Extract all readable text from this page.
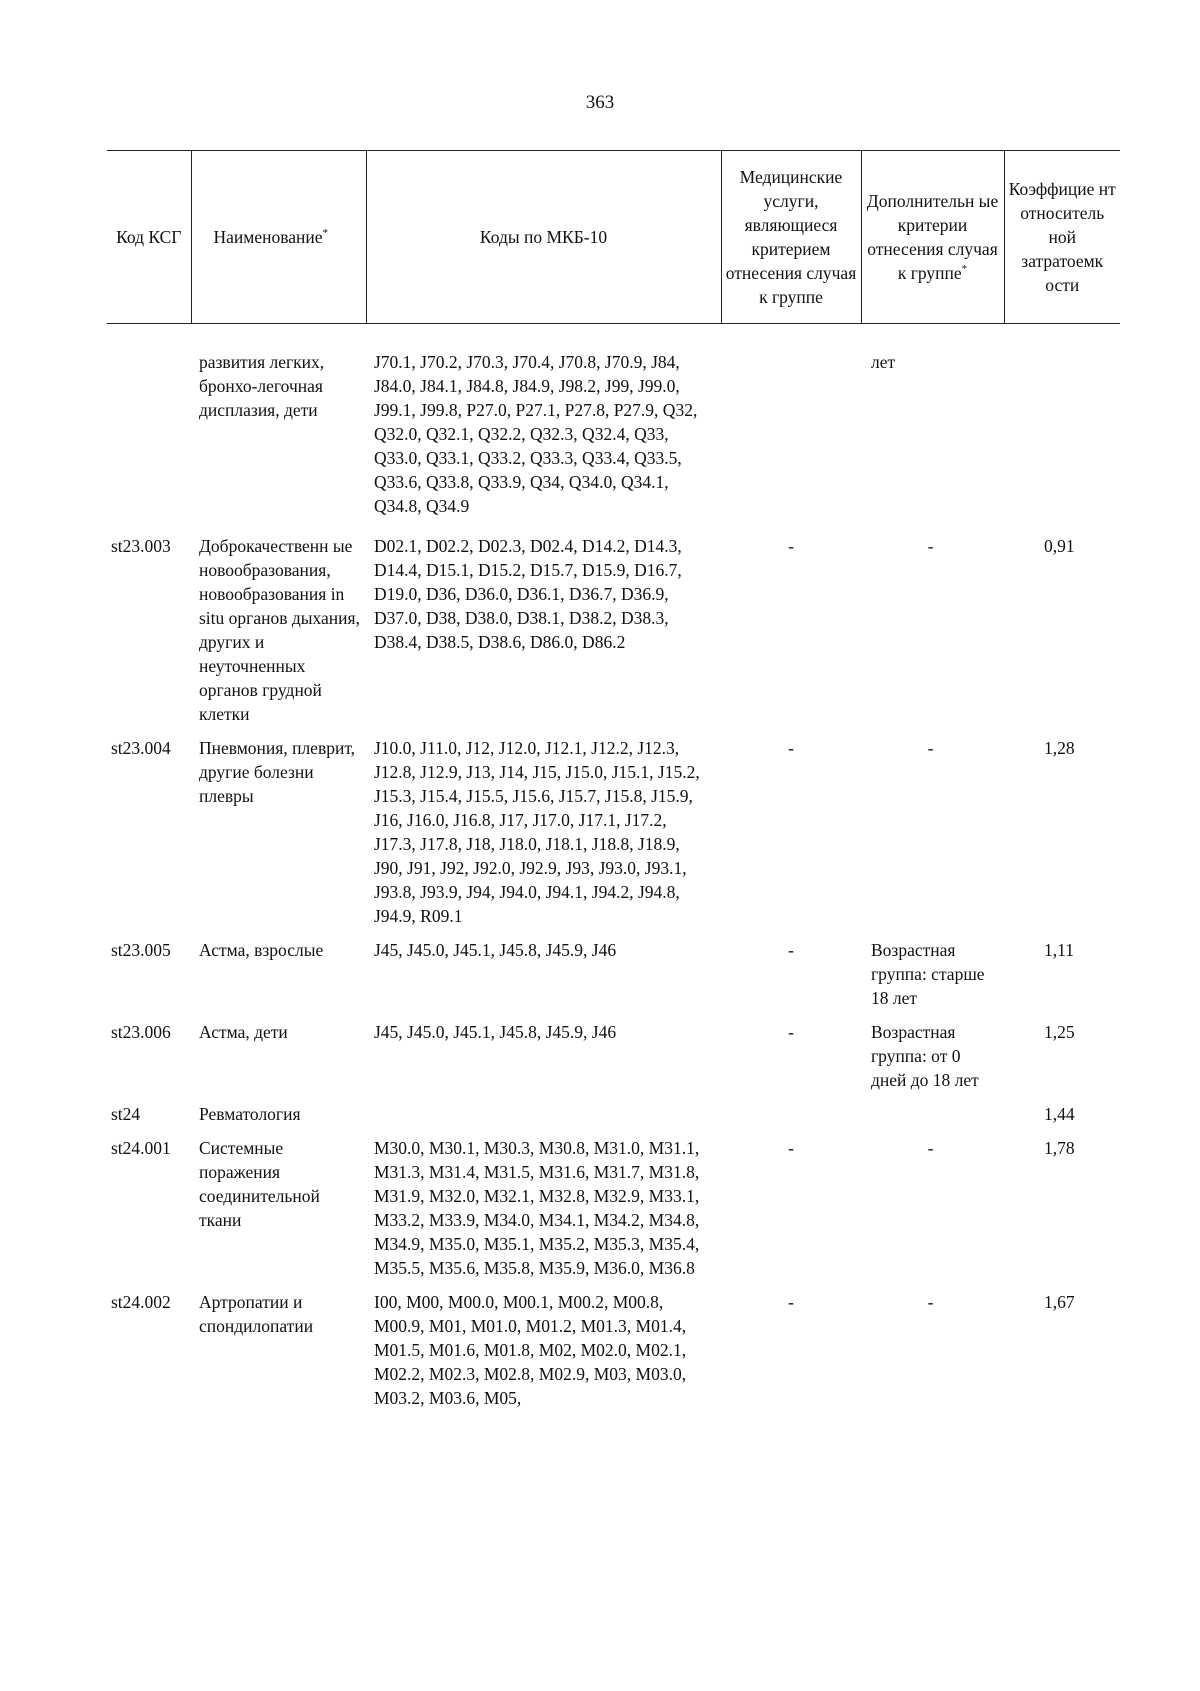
363
Код КСГ	Наименование*	Коды по МКБ-10	Медицинские услуги, являющиеся критерием отнесения случая к группе	Дополнительн ые критерии отнесения случая к группе*	Коэффицие нт относитель ной затратоемк ости
	развития легких, бронхо-легочная дисплазия, дети	J70.1, J70.2, J70.3, J70.4, J70.8, J70.9, J84, J84.0, J84.1, J84.8, J84.9, J98.2, J99, J99.0, J99.1, J99.8, P27.0, P27.1, P27.8, P27.9, Q32, Q32.0, Q32.1, Q32.2, Q32.3, Q32.4, Q33, Q33.0, Q33.1, Q33.2, Q33.3, Q33.4, Q33.5, Q33.6, Q33.8, Q33.9, Q34, Q34.0, Q34.1, Q34.8, Q34.9		лет	
st23.003	Доброкачественн ые новообразования, новообразования in situ органов дыхания, других и неуточненных органов грудной клетки	D02.1, D02.2, D02.3, D02.4, D14.2, D14.3, D14.4, D15.1, D15.2, D15.7, D15.9, D16.7, D19.0, D36, D36.0, D36.1, D36.7, D36.9, D37.0, D38, D38.0, D38.1, D38.2, D38.3, D38.4, D38.5, D38.6, D86.0, D86.2	-	-	0,91
st23.004	Пневмония, плеврит, другие болезни плевры	J10.0, J11.0, J12, J12.0, J12.1, J12.2, J12.3, J12.8, J12.9, J13, J14, J15, J15.0, J15.1, J15.2, J15.3, J15.4, J15.5, J15.6, J15.7, J15.8, J15.9, J16, J16.0, J16.8, J17, J17.0, J17.1, J17.2, J17.3, J17.8, J18, J18.0, J18.1, J18.8, J18.9, J90, J91, J92, J92.0, J92.9, J93, J93.0, J93.1, J93.8, J93.9, J94, J94.0, J94.1, J94.2, J94.8, J94.9, R09.1	-	-	1,28
st23.005	Астма, взрослые	J45, J45.0, J45.1, J45.8, J45.9, J46	-	Возрастная группа: старше 18 лет	1,11
st23.006	Астма, дети	J45, J45.0, J45.1, J45.8, J45.9, J46	-	Возрастная группа: от 0 дней до 18 лет	1,25
st24	Ревматология				1,44
st24.001	Системные поражения соединительной ткани	M30.0, M30.1, M30.3, M30.8, M31.0, M31.1, M31.3, M31.4, M31.5, M31.6, M31.7, M31.8, M31.9, M32.0, M32.1, M32.8, M32.9, M33.1, M33.2, M33.9, M34.0, M34.1, M34.2, M34.8, M34.9, M35.0, M35.1, M35.2, M35.3, M35.4, M35.5, M35.6, M35.8, M35.9, M36.0, M36.8	-	-	1,78
st24.002	Артропатии и спондилопатии	I00, M00, M00.0, M00.1, M00.2, M00.8, M00.9, M01, M01.0, M01.2, M01.3, M01.4, M01.5, M01.6, M01.8, M02, M02.0, M02.1, M02.2, M02.3, M02.8, M02.9, M03, M03.0, M03.2, M03.6, M05,	-	-	1,67
